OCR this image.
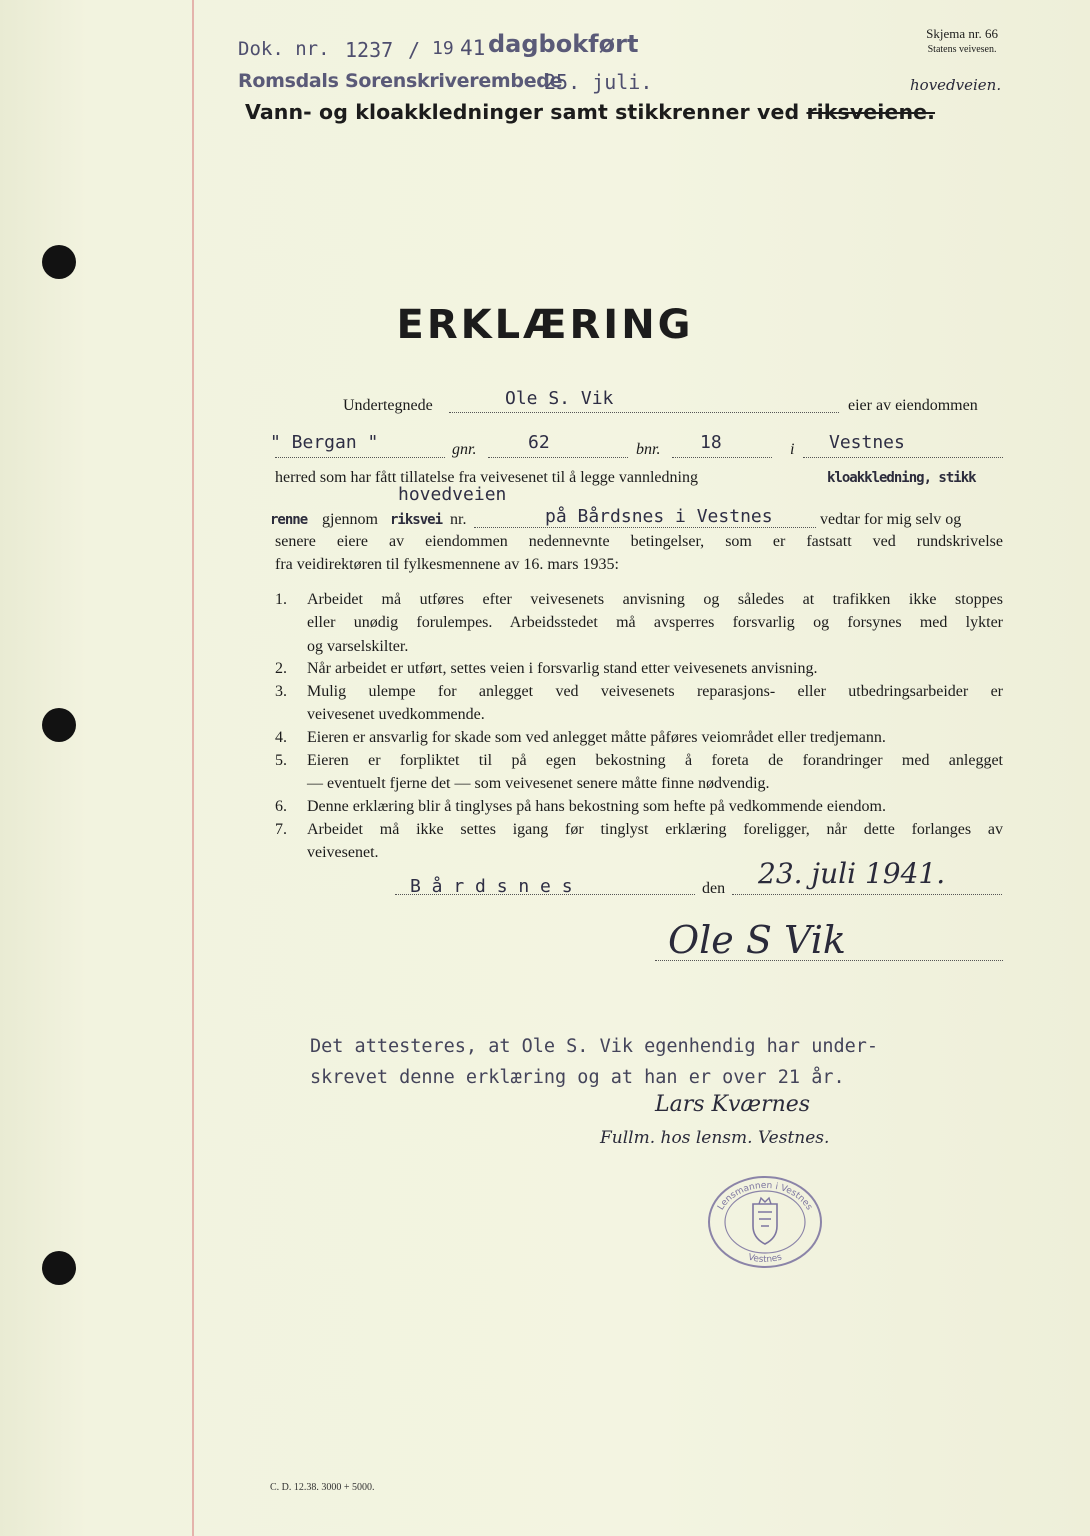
Dok. nr. 1237 / 19 41 dagbokført
Romsdals Sorenskriverembede
25. juli.
Skjema nr. 66
Statens veivesen.
hovedveien.
Vann- og kloakkledninger samt stikkrenner ved riksveiene.
ERKLÆRING
Undertegnede	Ole S. Vik	eier av eiendommen
" Bergan "	gnr.	62	bnr. 18	i Vestnes
herred som har fått tillatelse fra veivesenet til å legge vannledning	kloakkledning, stikk
hovedveien
renne gjennom riksvei nr.	på Bårdsnes i Vestnes	vedtar for mig selv og
senere eiere av eiendommen nedennevnte betingelser, som er fastsatt ved rundskrivelse
fra veidirektøren til fylkesmennene av 16. mars 1935:
1.	Arbeidet må utføres efter veivesenets anvisning og således at trafikken ikke stoppes
eller unødig forulempes. Arbeidsstedet må avsperres forsvarlig og forsynes med lykter
og varselskilter.
2.	Når arbeidet er utført, settes veien i forsvarlig stand etter veivesenets anvisning.
3.	Mulig ulempe for anlegget ved veivesenets reparasjons- eller utbedringsarbeider er
veivesenet uvedkommende.
4.	Eieren er ansvarlig for skade som ved anlegget måtte påføres veiområdet eller tredjemann.
5.	Eieren er forpliktet til på egen bekostning å foreta de forandringer med anlegget
— eventuelt fjerne det — som veivesenet senere måtte finne nødvendig.
6.	Denne erklæring blir å tinglyses på hans bekostning som hefte på vedkommende eiendom.
7.	Arbeidet må ikke settes igang før tinglyst erklæring foreligger, når dette forlanges av
veivesenet.
B å r d s n e s	den 23. juli 1941.
Ole S Vik
Det attesteres, at Ole S. Vik egenhendig har under-
skrevet denne erklæring og at han er over 21 år.
Lars Kværnes
Fullm. hos lensm. Vestnes.
Lensmannen i Vestnes
Vestnes
C. D. 12.38. 3000 + 5000.
